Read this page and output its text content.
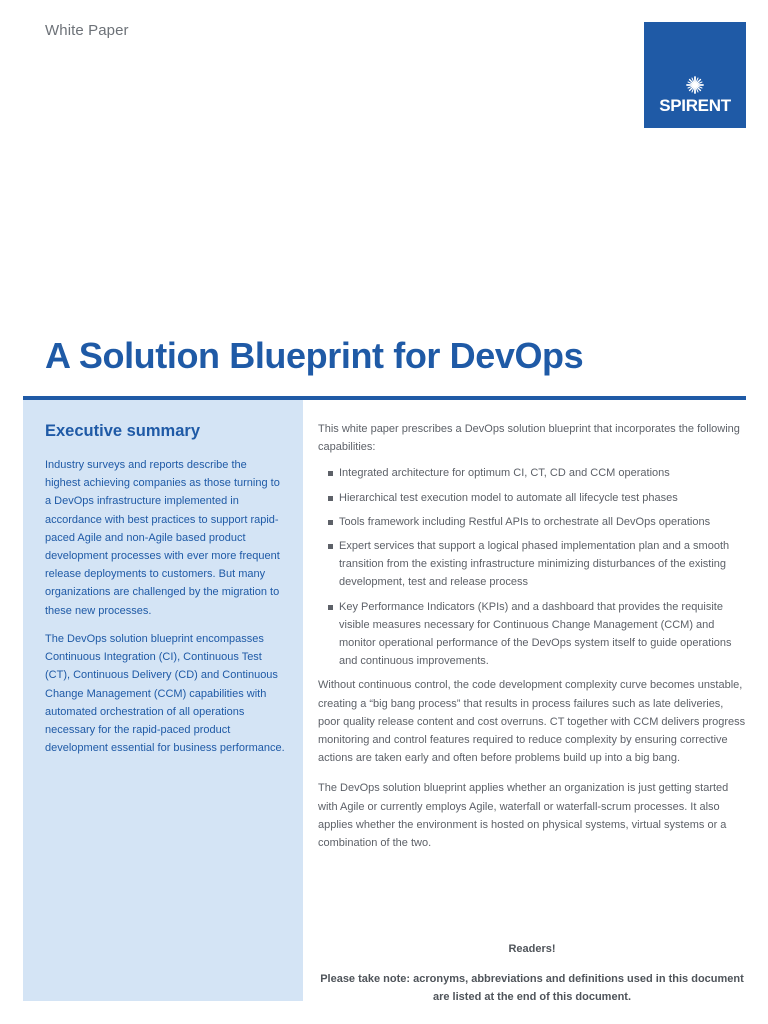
White Paper
SPIRENT
A Solution Blueprint for DevOps
Executive summary

Industry surveys and reports describe the highest achieving companies as those turning to a DevOps infrastructure implemented in accordance with best practices to support rapid-paced Agile and non-Agile based product development processes with ever more frequent release deployments to customers. But many organizations are challenged by the migration to these new processes.

The DevOps solution blueprint encompasses Continuous Integration (CI), Continuous Test (CT), Continuous Delivery (CD) and Continuous Change Management (CCM) capabilities with automated orchestration of all operations necessary for the rapid-paced product development essential for business performance.

This white paper prescribes a DevOps solution blueprint that incorporates the following capabilities:

Integrated architecture for optimum CI, CT, CD and CCM operations
Hierarchical test execution model to automate all lifecycle test phases
Tools framework including Restful APIs to orchestrate all DevOps operations
Expert services that support a logical phased implementation plan and a smooth transition from the existing infrastructure minimizing disturbances of the existing development, test and release process
Key Performance Indicators (KPIs) and a dashboard that provides the requisite visible measures necessary for Continuous Change Management (CCM) and monitor operational performance of the DevOps system itself to guide operations and continuous improvements.

Without continuous control, the code development complexity curve becomes unstable, creating a “big bang process” that results in process failures such as late deliveries, poor quality release content and cost overruns. CT together with CCM delivers progress monitoring and control features required to reduce complexity by ensuring corrective actions are taken early and often before problems build up into a big bang.

The DevOps solution blueprint applies whether an organization is just getting started with Agile or currently employs Agile, waterfall or waterfall-scrum processes. It also applies whether the environment is hosted on physical systems, virtual systems or a combination of the two.

Readers!
Please take note: acronyms, abbreviations and definitions used in this document are listed at the end of this document.
